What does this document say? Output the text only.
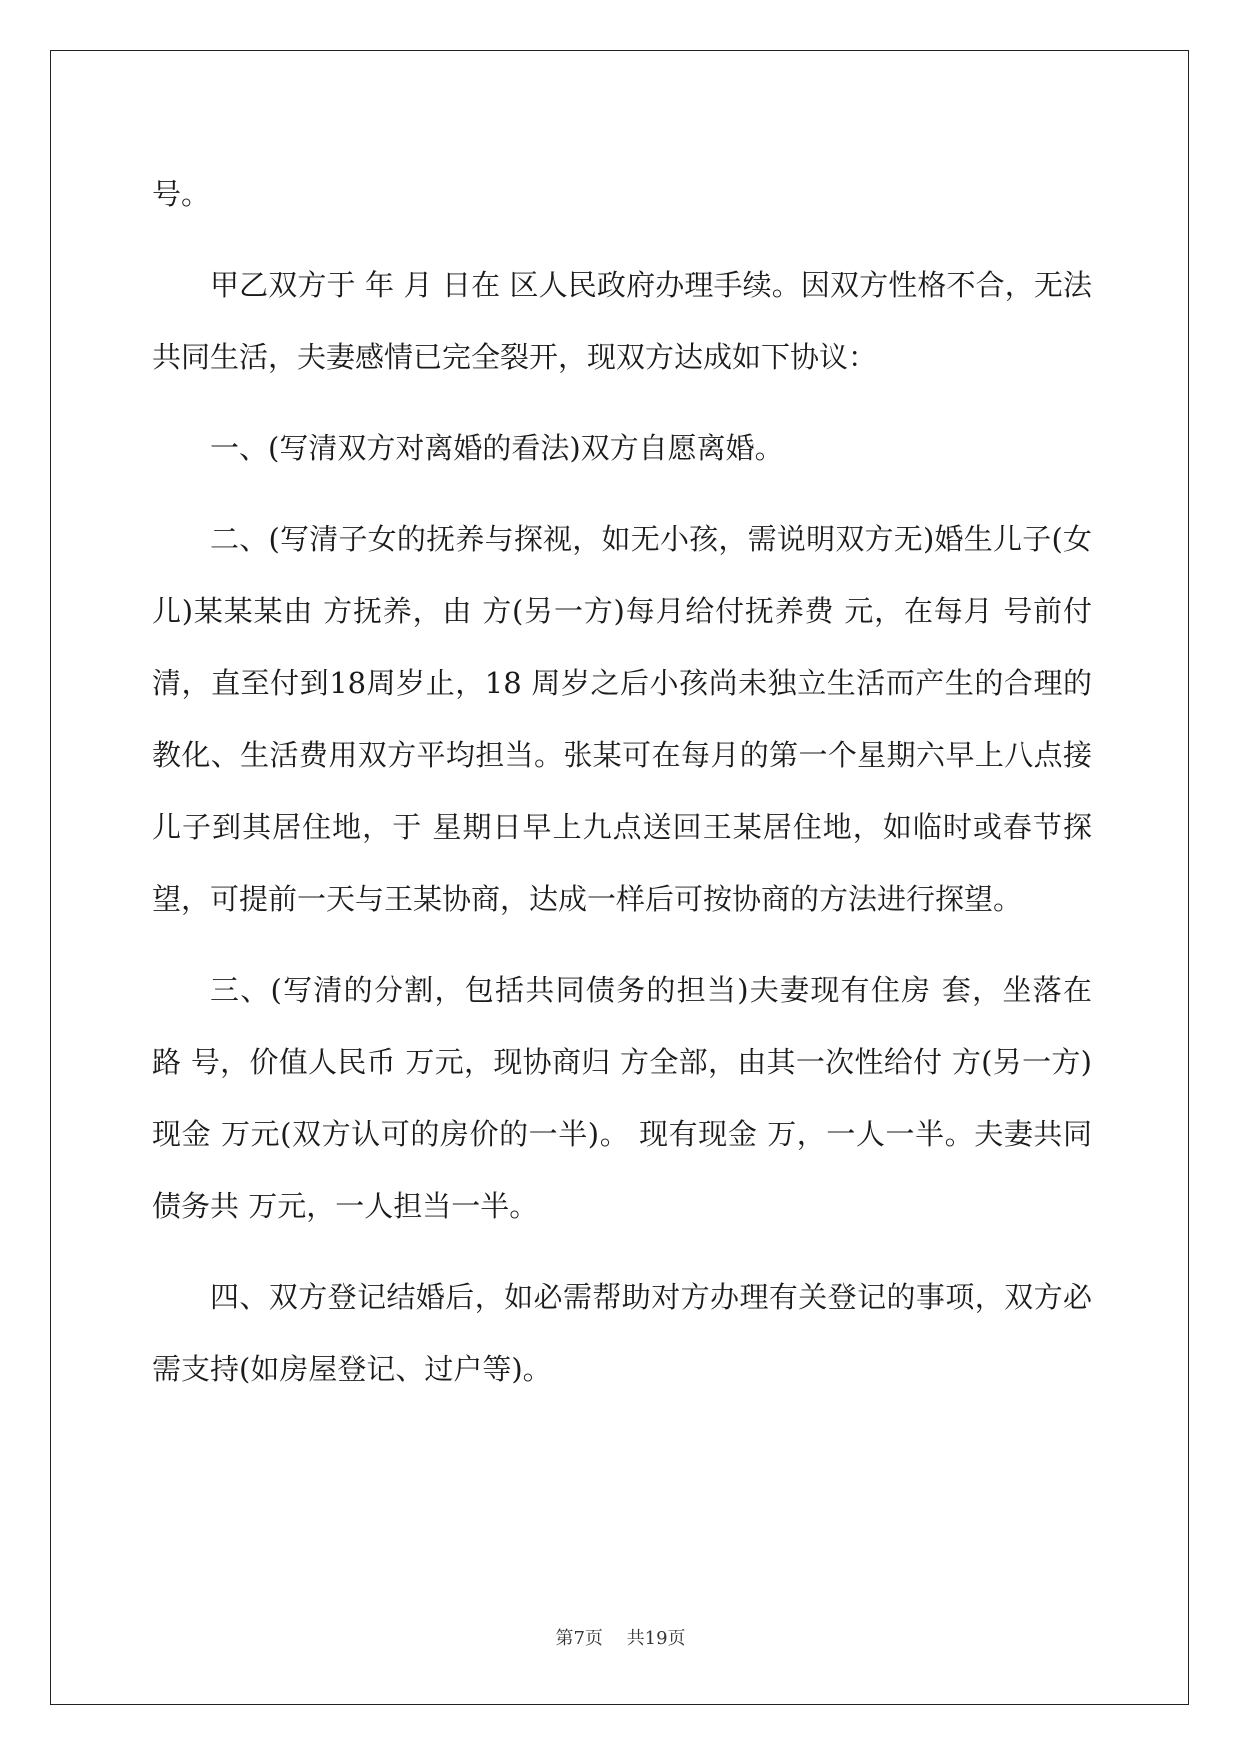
号。

甲乙双方于 年 月 日在 区人民政府办理手续。因双方性格不合，无法共同生活，夫妻感情已完全裂开，现双方达成如下协议：

一、(写清双方对离婚的看法)双方自愿离婚。

二、(写清子女的抚养与探视，如无小孩，需说明双方无)婚生儿子(女儿)某某某由 方抚养，由 方(另一方)每月给付抚养费 元，在每月 号前付清，直至付到18周岁止，18 周岁之后小孩尚未独立生活而产生的合理的教化、生活费用双方平均担当。张某可在每月的第一个星期六早上八点接儿子到其居住地，于 星期日早上九点送回王某居住地，如临时或春节探望，可提前一天与王某协商，达成一样后可按协商的方法进行探望。

三、(写清的分割，包括共同债务的担当)夫妻现有住房 套，坐落在 路 号，价值人民币 万元，现协商归 方全部，由其一次性给付 方(另一方)现金 万元(双方认可的房价的一半)。 现有现金 万，一人一半。夫妻共同债务共 万元，一人担当一半。

四、双方登记结婚后，如必需帮助对方办理有关登记的事项，双方必需支持(如房屋登记、过户等)。

第7页 共19页
